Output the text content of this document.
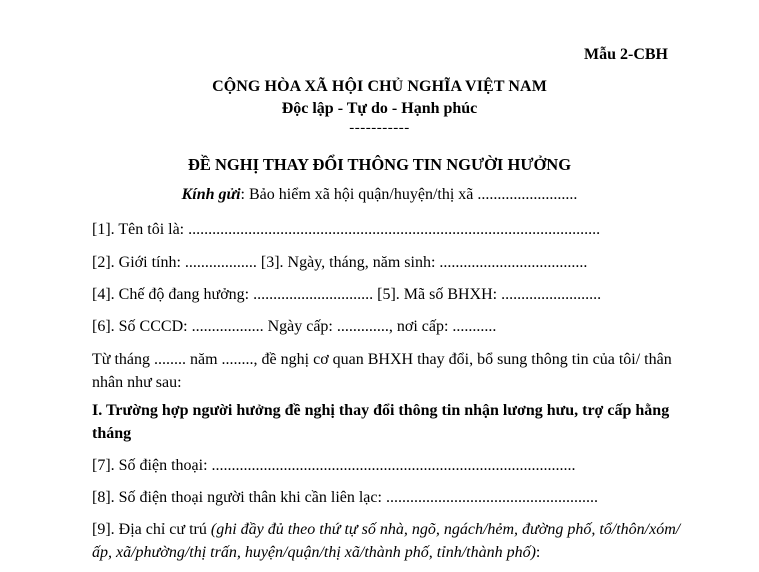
Mẫu 2-CBH
CỘNG HÒA XÃ HỘI CHỦ NGHĨA VIỆT NAM
Độc lập - Tự do - Hạnh phúc
-----------
ĐỀ NGHỊ THAY ĐỔI THÔNG TIN NGƯỜI HƯỞNG
Kính gửi: Bảo hiểm xã hội quận/huyện/thị xã .........................
[1]. Tên tôi là: .......................................................................................................
[2]. Giới tính: .................. [3]. Ngày, tháng, năm sinh: .....................................
[4]. Chế độ đang hưởng: .............................. [5]. Mã số BHXH: .........................
[6]. Số CCCD: .................. Ngày cấp: ............., nơi cấp: ...........
Từ tháng ........ năm ........, đề nghị cơ quan BHXH thay đổi, bổ sung thông tin của tôi/ thân nhân như sau:
I. Trường hợp người hưởng đề nghị thay đổi thông tin nhận lương hưu, trợ cấp hằng tháng
[7]. Số điện thoại: ...........................................................................................
[8]. Số điện thoại người thân khi cần liên lạc: .....................................................
[9]. Địa chỉ cư trú (ghi đầy đủ theo thứ tự số nhà, ngõ, ngách/hẻm, đường phố, tổ/thôn/xóm/ấp, xã/phường/thị trấn, huyện/quận/thị xã/thành phố, tỉnh/thành phố):
